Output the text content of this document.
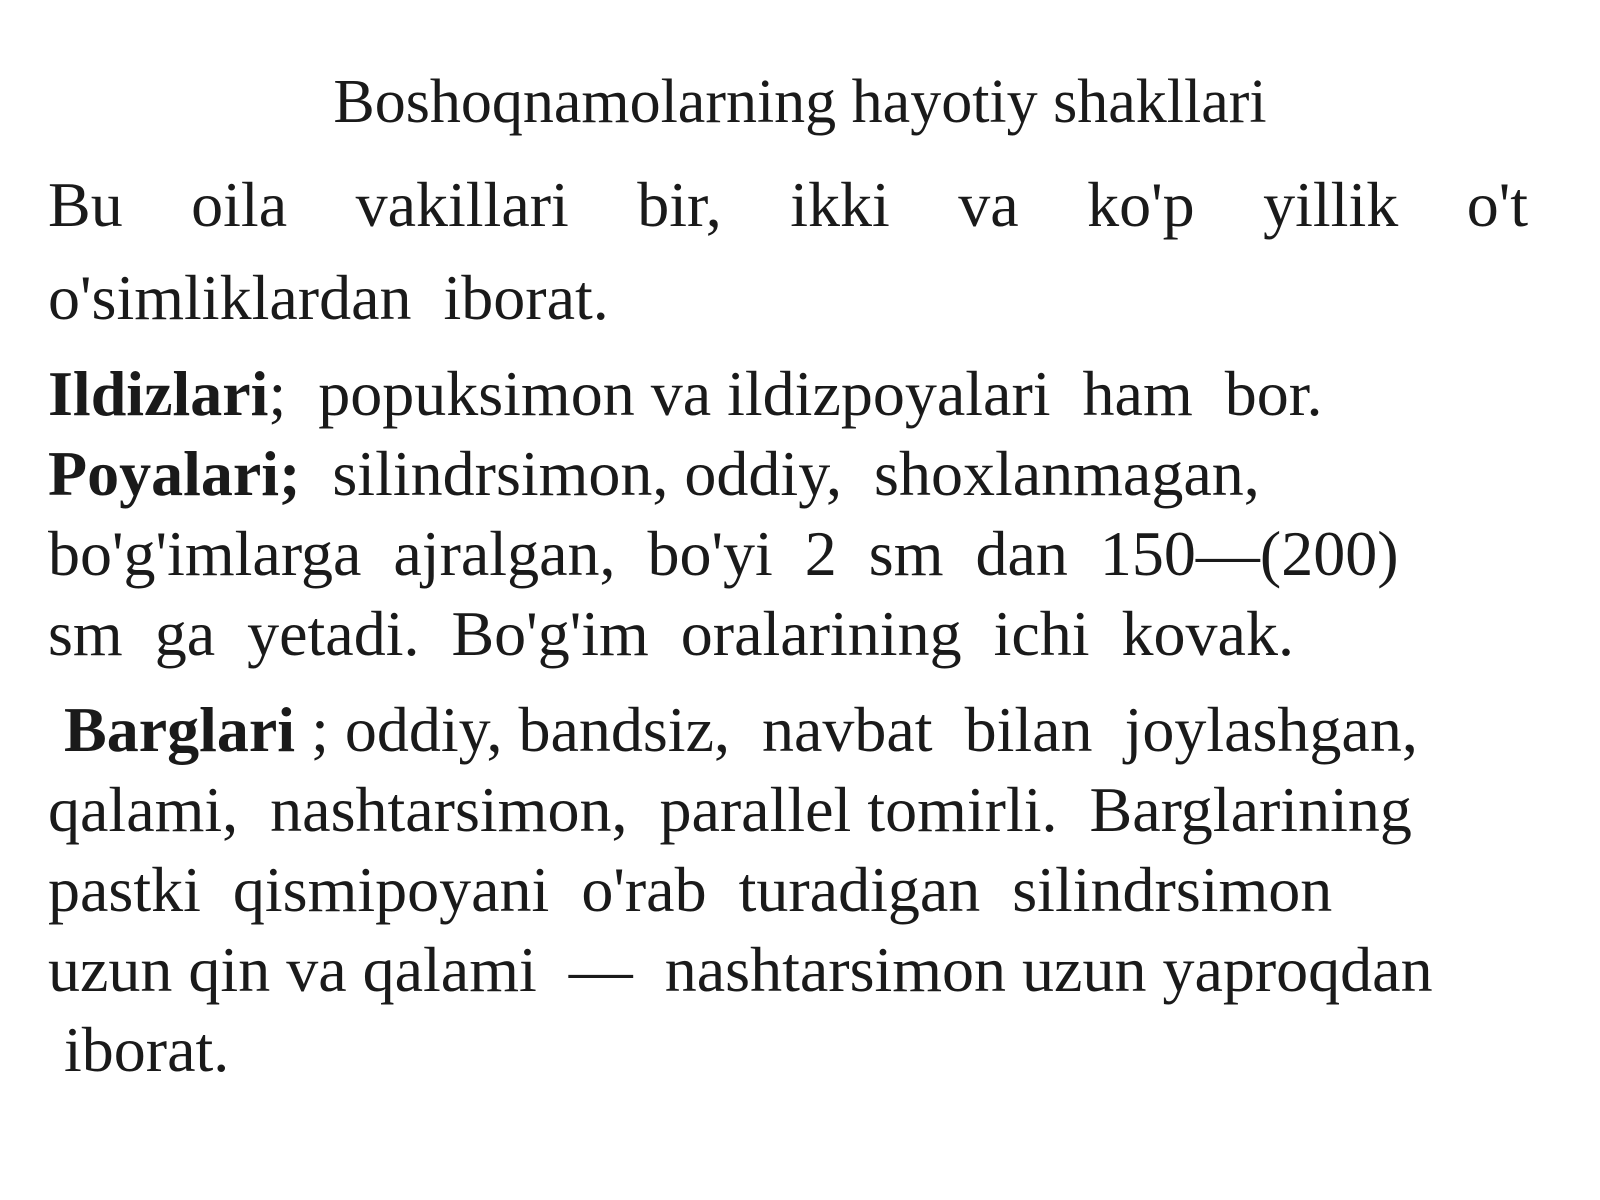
Boshoqnamolarning hayotiy shakllari
Bu oila vakillari bir, ikki va ko'p yillik o't
o'simliklardan  iborat.
Ildizlari;  popuksimon va ildizpoyalari  ham  bor.
Poyalari;  silindrsimon, oddiy,  shoxlanmagan,
bo'g'imlarga  ajralgan,  bo'yi  2  sm  dan  150—(200)
sm  ga  yetadi.  Bo'g'im  oralarining  ichi  kovak.
Barglari ; oddiy, bandsiz,  navbat  bilan  joylashgan,
qalami,  nashtarsimon,  parallel tomirli.  Barglarining
pastki  qismipoyani  o'rab  turadigan  silindrsimon
uzun qin va qalami  —  nashtarsimon uzun yaproqdan
iborat.
